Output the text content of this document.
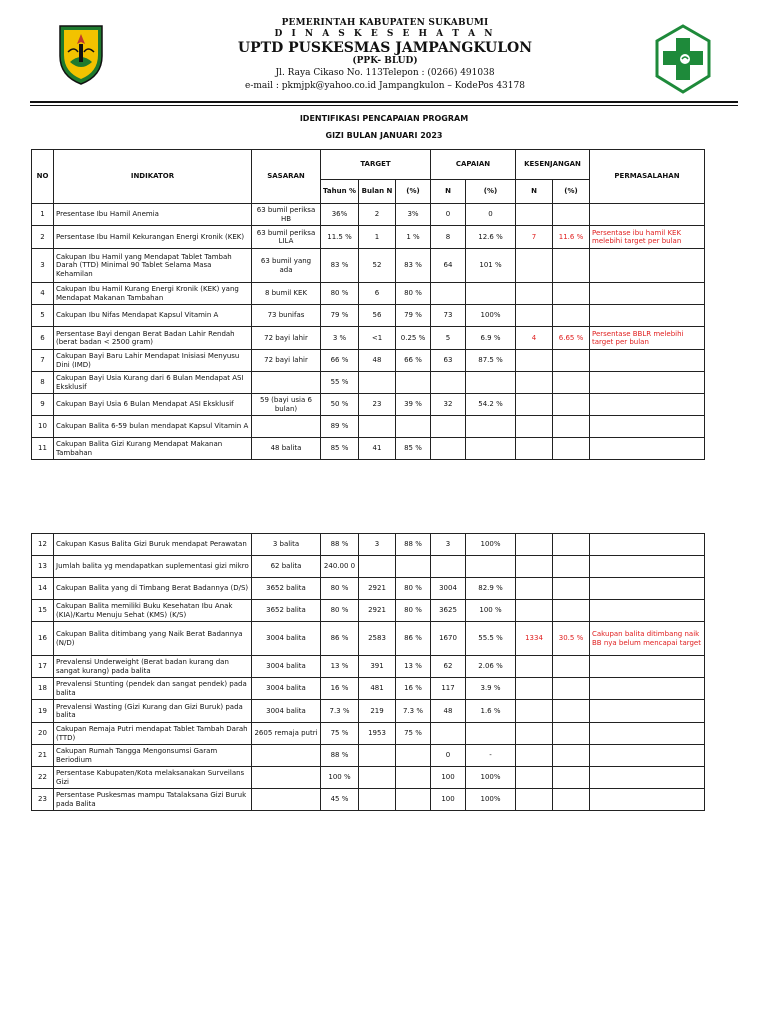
PEMERINTAH KABUPATEN SUKABUMI
D I N A S K E S E H A T A N
UPTD PUSKESMAS JAMPANGKULON
(PPK- BLUD)
Jl. Raya Cikaso No. 113Telepon : (0266) 491038
e-mail : pkmjpk@yahoo.co.id Jampangkulon – KodePos 43178
IDENTIFIKASI PENCAPAIAN PROGRAM
GIZI BULAN JANUARI 2023
NO	INDIKATOR	SASARAN	TARGET			CAPAIAN		KESENJANGAN		PERMASALAHAN
			Tahun %	Bulan N	(%)	N	(%)	N	(%)	
1	Presentase Ibu Hamil Anemia	63 bumil periksa HB	36%	2	3%	0	0			
2	Persentase Ibu Hamil Kekurangan Energi Kronik (KEK)	63 bumil periksa LILA	11.5 %	1	1 %	8	12.6 %	7	11.6 %	Persentase ibu hamil KEK melebihi target per bulan
3	Cakupan Ibu Hamil yang Mendapat Tablet Tambah Darah (TTD) Minimal 90 Tablet Selama Masa Kehamilan	63 bumil yang ada	83 %	52	83 %	64	101 %			
4	Cakupan Ibu Hamil Kurang Energi Kronik (KEK) yang Mendapat Makanan Tambahan	8 bumil KEK	80 %	6	80 %					
5	Cakupan Ibu Nifas Mendapat Kapsul Vitamin A	73 bunifas	79 %	56	79 %	73	100%			
6	Persentase Bayi dengan Berat Badan Lahir Rendah (berat badan < 2500 gram)	72 bayi lahir	3 %	<1	0.25 %	5	6.9 %	4	6.65 %	Persentase BBLR melebihi target per bulan
7	Cakupan Bayi Baru Lahir Mendapat Inisiasi Menyusu Dini (IMD)	72 bayi lahir	66 %	48	66 %	63	87.5 %			
8	Cakupan Bayi Usia Kurang dari 6 Bulan Mendapat ASI Eksklusif		55 %							
9	Cakupan Bayi Usia 6 Bulan Mendapat ASI Eksklusif	59 (bayi usia 6 bulan)	50 %	23	39 %	32	54.2 %			
10	Cakupan Balita 6-59 bulan mendapat Kapsul Vitamin A		89 %							
11	Cakupan Balita Gizi Kurang Mendapat Makanan Tambahan	48 balita	85 %	41	85 %					
12	Cakupan Kasus Balita Gizi Buruk mendapat Perawatan	3 balita	88 %	3	88 %	3	100%			
13	Jumlah balita yg mendapatkan suplementasi gizi mikro	62 balita	240.00 0							
14	Cakupan Balita yang di Timbang Berat Badannya (D/S)	3652 balita	80 %	2921	80 %	3004	82.9 %			
15	Cakupan Balita memiliki Buku Kesehatan Ibu Anak (KIA)/Kartu Menuju Sehat (KMS) (K/S)	3652 balita	80 %	2921	80 %	3625	100 %			
16	Cakupan Balita ditimbang yang Naik Berat Badannya (N/D)	3004 balita	86 %	2583	86 %	1670	55.5 %	1334	30.5 %	Cakupan balita ditimbang naik BB nya belum mencapai target
17	Prevalensi Underweight (Berat badan kurang dan sangat kurang) pada balita	3004 balita	13 %	391	13 %	62	2.06 %			
18	Prevalensi Stunting (pendek dan sangat pendek) pada balita	3004 balita	16 %	481	16 %	117	3.9 %			
19	Prevalensi Wasting (Gizi Kurang dan Gizi Buruk) pada balita	3004 balita	7.3 %	219	7.3 %	48	1.6 %			
20	Cakupan Remaja Putri mendapat Tablet Tambah Darah (TTD)	2605 remaja putri	75 %	1953	75 %					
21	Cakupan Rumah Tangga Mengonsumsi Garam Beriodium		88 %			0	-			
22	Persentase Kabupaten/Kota melaksanakan Surveilans Gizi		100 %			100	100%			
23	Persentase Puskesmas mampu Tatalaksana Gizi Buruk pada Balita		45 %			100	100%			
